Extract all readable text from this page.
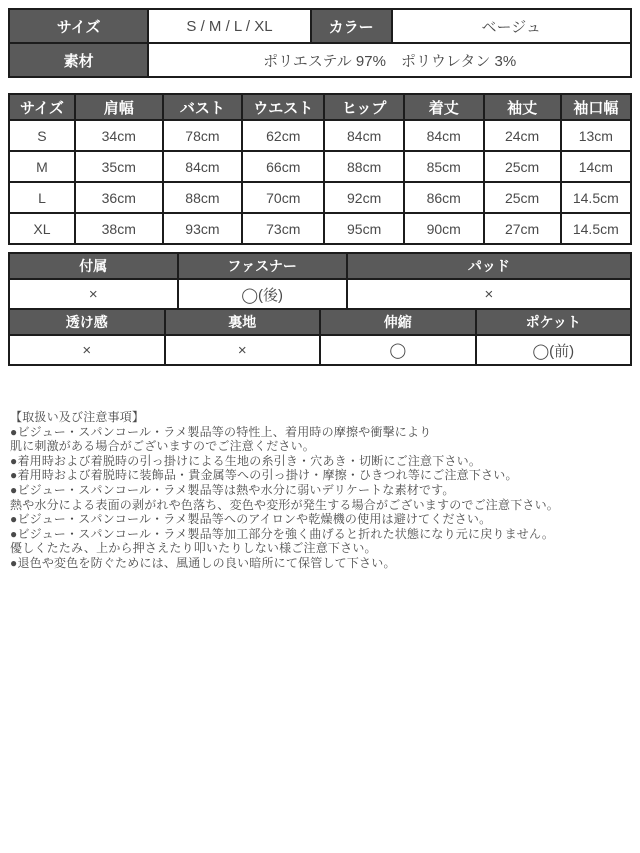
サイズ	S / M / L / XL	カラー	ベージュ
素材	ポリエステル 97%　ポリウレタン 3%		
サイズ	肩幅	バスト	ウエスト	ヒップ	着丈	袖丈	袖口幅
S	34cm	78cm	62cm	84cm	84cm	24cm	13cm
M	35cm	84cm	66cm	88cm	85cm	25cm	14cm
L	36cm	88cm	70cm	92cm	86cm	25cm	14.5cm
XL	38cm	93cm	73cm	95cm	90cm	27cm	14.5cm
付属	ファスナー	パッド
×	◯(後)	×
透け感	裏地	伸縮	ポケット
×	×	◯	◯(前)
【取扱い及び注意事項】
●ビジュー・スパンコール・ラメ製品等の特性上、着用時の摩擦や衝撃により
肌に刺激がある場合がございますのでご注意ください。
●着用時および着脱時の引っ掛けによる生地の糸引き・穴あき・切断にご注意下さい。
●着用時および着脱時に装飾品・貴金属等への引っ掛け・摩擦・ひきつれ等にご注意下さい。
●ビジュー・スパンコール・ラメ製品等は熱や水分に弱いデリケートな素材です。
熱や水分による表面の剥がれや色落ち、変色や変形が発生する場合がございますのでご注意下さい。
●ビジュー・スパンコール・ラメ製品等へのアイロンや乾燥機の使用は避けてください。
●ビジュー・スパンコール・ラメ製品等加工部分を強く曲げると折れた状態になり元に戻りません。
優しくたたみ、上から押さえたり叩いたりしない様ご注意下さい。
●退色や変色を防ぐためには、風通しの良い暗所にて保管して下さい。
